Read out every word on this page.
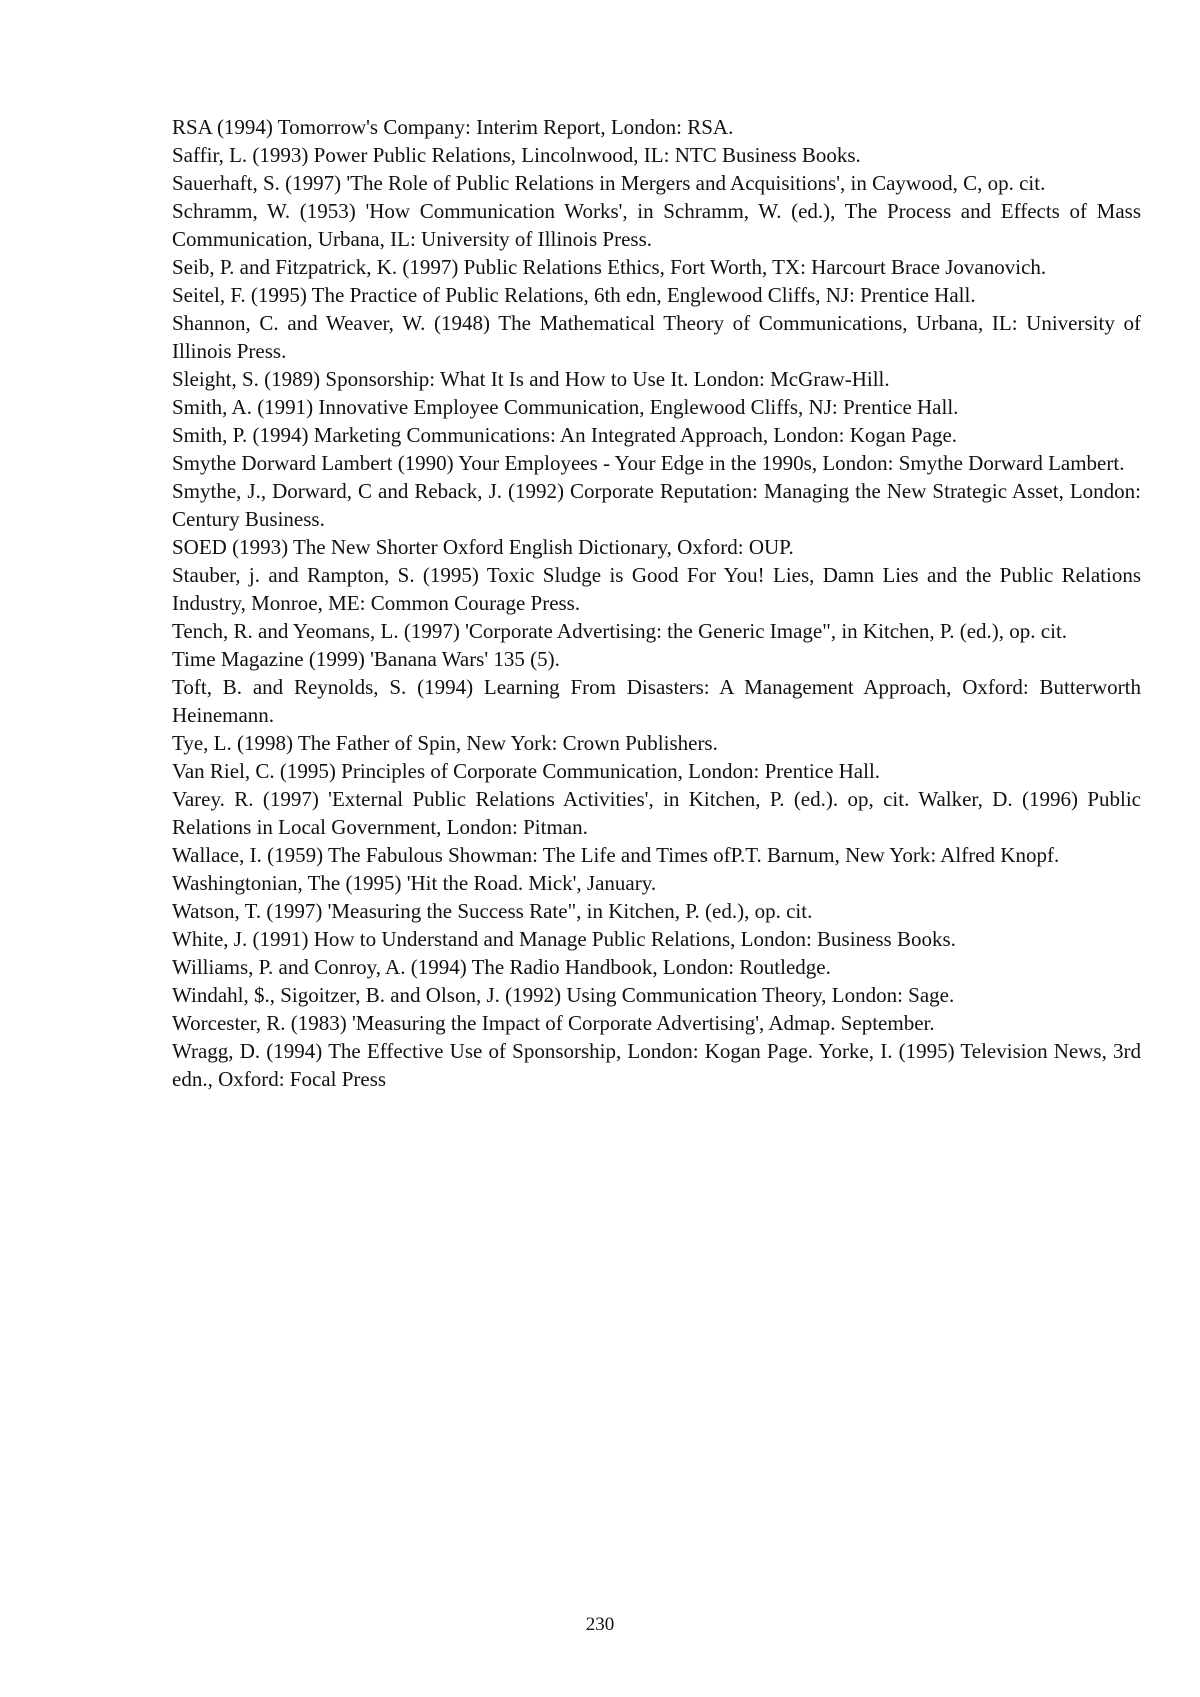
RSA (1994) Tomorrow's Company: Interim Report, London: RSA.
Saffir, L. (1993) Power Public Relations, Lincolnwood, IL: NTC Business Books.
Sauerhaft, S. (1997) 'The Role of Public Relations in Mergers and Acquisitions', in Caywood, C, op. cit.
Schramm, W. (1953) 'How Communication Works', in Schramm, W. (ed.), The Process and Effects of Mass Communication, Urbana, IL: University of Illinois Press.
Seib, P. and Fitzpatrick, K. (1997) Public Relations Ethics, Fort Worth, TX: Harcourt Brace Jovanovich.
Seitel, F. (1995) The Practice of Public Relations, 6th edn, Englewood Cliffs, NJ: Prentice Hall.
Shannon, C. and Weaver, W. (1948) The Mathematical Theory of Communications, Urbana, IL: University of Illinois Press.
Sleight, S. (1989) Sponsorship: What It Is and How to Use It. London: McGraw-Hill.
Smith, A. (1991) Innovative Employee Communication, Englewood Cliffs, NJ: Prentice Hall.
Smith, P. (1994) Marketing Communications: An Integrated Approach, London: Kogan Page.
Smythe Dorward Lambert (1990) Your Employees - Your Edge in the 1990s, London: Smythe Dorward Lambert.
Smythe, J., Dorward, C and Reback, J. (1992) Corporate Reputation: Managing the New Strategic Asset, London: Century Business.
SOED (1993) The New Shorter Oxford English Dictionary, Oxford: OUP.
Stauber, j. and Rampton, S. (1995) Toxic Sludge is Good For You! Lies, Damn Lies and the Public Relations Industry, Monroe, ME: Common Courage Press.
Tench, R. and Yeomans, L. (1997) 'Corporate Advertising: the Generic Image", in Kitchen, P. (ed.), op. cit.
Time Magazine (1999) 'Banana Wars' 135 (5).
Toft, B. and Reynolds, S. (1994) Learning From Disasters: A Management Approach, Oxford: Butterworth Heinemann.
Tye, L. (1998) The Father of Spin, New York: Crown Publishers.
Van Riel, C. (1995) Principles of Corporate Communication, London: Prentice Hall.
Varey. R. (1997) 'External Public Relations Activities', in Kitchen, P. (ed.). op, cit. Walker, D. (1996) Public Relations in Local Government, London: Pitman.
Wallace, I. (1959) The Fabulous Showman: The Life and Times ofP.T. Barnum, New York: Alfred Knopf.
Washingtonian, The (1995) 'Hit the Road. Mick', January.
Watson, T. (1997) 'Measuring the Success Rate", in Kitchen, P. (ed.), op. cit.
White, J. (1991) How to Understand and Manage Public Relations, London: Business Books.
Williams, P. and Conroy, A. (1994) The Radio Handbook, London: Routledge.
Windahl, $., Sigoitzer, B. and Olson, J. (1992) Using Communication Theory, London: Sage.
Worcester, R. (1983) 'Measuring the Impact of Corporate Advertising', Admap. September.
Wragg, D. (1994) The Effective Use of Sponsorship, London: Kogan Page. Yorke, I. (1995) Television News, 3rd edn., Oxford: Focal Press
230
